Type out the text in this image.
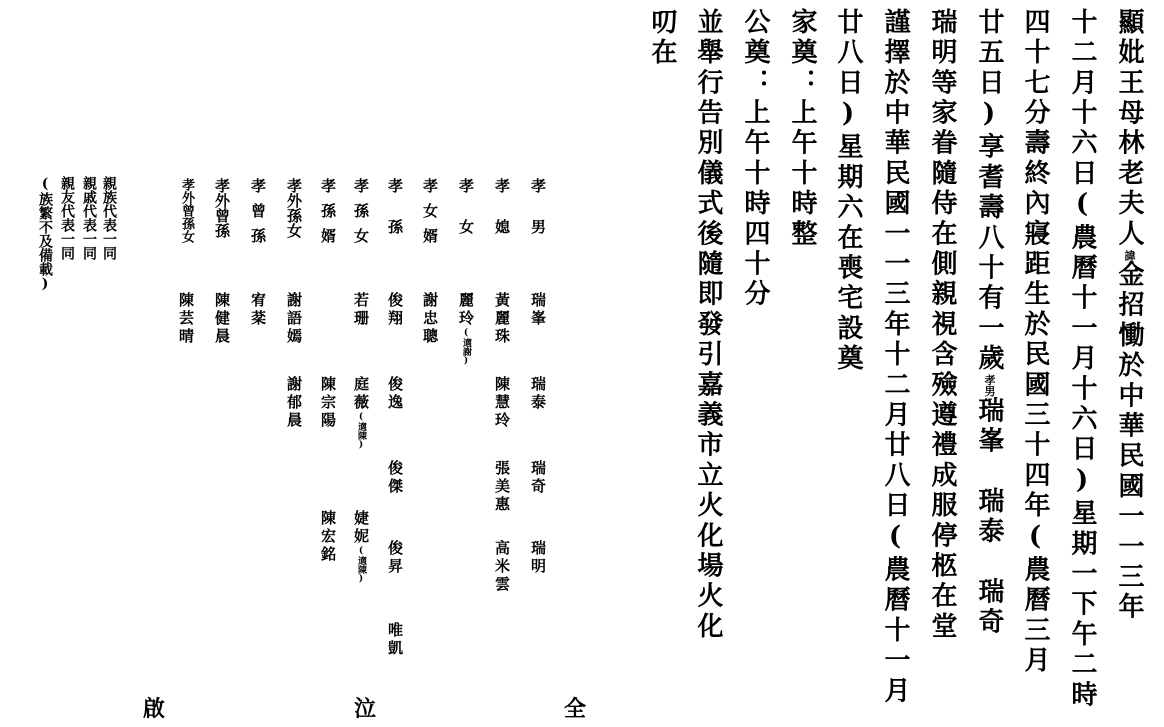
顯妣王母林老夫人諱金招慟於中華民國一一三年
十二月十六日(農曆十一月十六日)星期一下午二時
四十七分壽終內寢距生於民國三十四年(農曆三月
廿五日)享耆壽八十有一歲孝男瑞峯　瑞泰　瑞奇
瑞明等家眷隨侍在側親視含殮遵禮成服停柩在堂
謹擇於中華民國一一三年十二月廿八日(農曆十一月
廿八日)星期六在喪宅設奠
家奠：上午十時整
公奠：上午十時四十分
並舉行告別儀式後隨即發引嘉義市立火化場火化
叨在
孝男
瑞峯
瑞泰
瑞奇
瑞明
孝媳
黃麗珠
陳慧玲
張美惠
高米雲
孝女
麗玲(適謝)
孝女婿
謝忠聰
孝孫
俊翔
俊逸
俊傑
俊昇
唯凱
孝孫女
若珊
庭薇(適陳)
婕妮(適陳)
孝孫婿
陳宗陽
陳宏銘
孝外孫女
謝語嫣
謝郁晨
孝曾孫
宥棻
孝外曾孫
陳健晨
孝外曾孫女
陳芸晴
親族代表一同
親戚代表一同
親友代表一同
(族繁不及備載)
全
泣
啟
